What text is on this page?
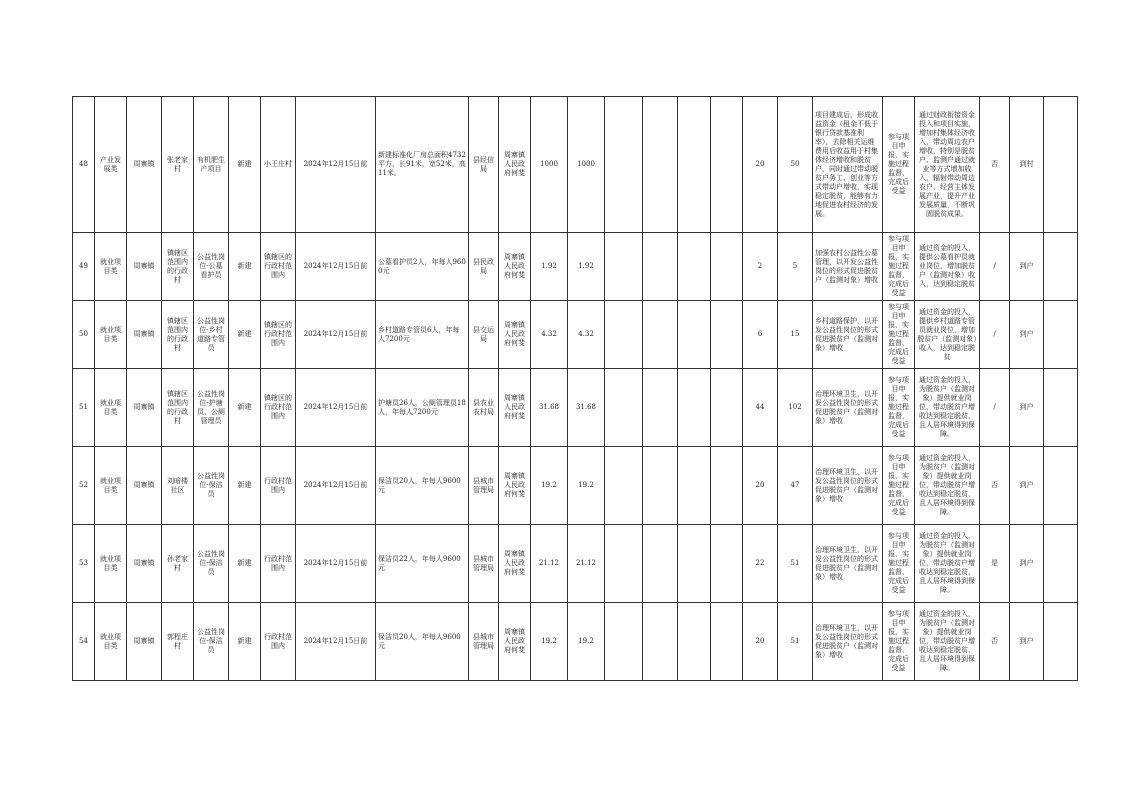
48	产业发展类	周寨镇	张老家村	有机肥生产项目	新建	小王庄村	2024年12月15日前	新建标准化厂房总面积4732平方，长91米，宽52米，高11米。	县经信局	周寨镇人民政府何斐	1000	1000					20	50	项目建成后，形成收益资金（租金不低于银行贷款基准利率），去除相关运维费用后收益用于村集体经济增收和脱贫户，同时通过带动脱贫户务工、创业等方式带动户增收，实现稳定脱贫，能够有力地促进农村经济的发展。	参与项目申报，实施过程监督，完成后受益	通过财政衔接资金投入和项目实施，增加村集体经济收入，带动周边农户增收，特别是脱贫户、监测户通过就业等方式增加收入，辐射带动周边农户、经营主体发展产业，提升产业发展质量，不断巩固脱贫成果。	否	到村	
49	就业项目类	周寨镇	镇辖区范围内的行政村	公益性岗位-公墓看护员	新建	镇辖区的行政村范围内	2024年12月15日前	公墓看护员2人，年每人9600元	县民政局	周寨镇人民政府何斐	1.92	1.92					2	5	加强农村公益性公墓管理，以开发公益性岗位的形式促进脱贫户（监测对象）增收	参与项目申报，实施过程监督，完成后受益	通过资金的投入，提供公墓看护员就业岗位，增加脱贫户（监测对象）收入，达到稳定脱贫	/	到户	
50	就业项目类	周寨镇	镇辖区范围内的行政村	公益性岗位-乡村道路专管员	新建	镇辖区的行政村范围内	2024年12月15日前	乡村道路专管员6人，年每人7200元	县交运局	周寨镇人民政府何斐	4.32	4.32					6	15	乡村道路保护，以开发公益性岗位的形式促进脱贫户（监测对象）增收	参与项目申报，实施过程监督，完成后受益	通过资金的投入，提供乡村道路专管员就业岗位，增加脱贫户（监测对象）收入，达到稳定脱贫	/	到户	
51	就业项目类	周寨镇	镇辖区范围内的行政村	公益性岗位-护塘员、公厕管理员	新建	镇辖区的行政村范围内	2024年12月15日前	护塘员26人，公厕管理员18人，年每人7200元	县农业农村局	周寨镇人民政府何斐	31.68	31.68					44	102	治理环境卫生，以开发公益性岗位的形式促进脱贫户（监测对象）增收	参与项目申报，实施过程监督，完成后受益	通过资金的投入，为脱贫户（监测对象）提供就业岗位，带动脱贫户增收达到稳定脱贫，且人居环境得到保障。	/	到户	
52	就业项目类	周寨镇	刘暗楼社区	公益性岗位-保洁员	新建	行政村范围内	2024年12月15日前	保洁员20人，年每人9600元	县城市管理局	周寨镇人民政府何斐	19.2	19.2					20	47	治理环境卫生，以开发公益性岗位的形式促进脱贫户（监测对象）增收	参与项目申报，实施过程监督，完成后受益	通过资金的投入，为脱贫户（监测对象）提供就业岗位，带动脱贫户增收达到稳定脱贫，且人居环境得到保障。	否	到户	
53	就业项目类	周寨镇	孙老家村	公益性岗位-保洁员	新建	行政村范围内	2024年12月15日前	保洁员22人，年每人9600元	县城市管理局	周寨镇人民政府何斐	21.12	21.12					22	51	治理环境卫生，以开发公益性岗位的形式促进脱贫户（监测对象）增收	参与项目申报，实施过程监督，完成后受益	通过资金的投入，为脱贫户（监测对象）提供就业岗位，带动脱贫户增收达到稳定脱贫，且人居环境得到保障。	是	到户	
54	就业项目类	周寨镇	郭程庄村	公益性岗位-保洁员	新建	行政村范围内	2024年12月15日前	保洁员20人，年每人9600元	县城市管理局	周寨镇人民政府何斐	19.2	19.2					20	51	治理环境卫生，以开发公益性岗位的形式促进脱贫户（监测对象）增收	参与项目申报，实施过程监督，完成后受益	通过资金的投入，为脱贫户（监测对象）提供就业岗位，带动脱贫户增收达到稳定脱贫，且人居环境得到保障。	否	到户	
